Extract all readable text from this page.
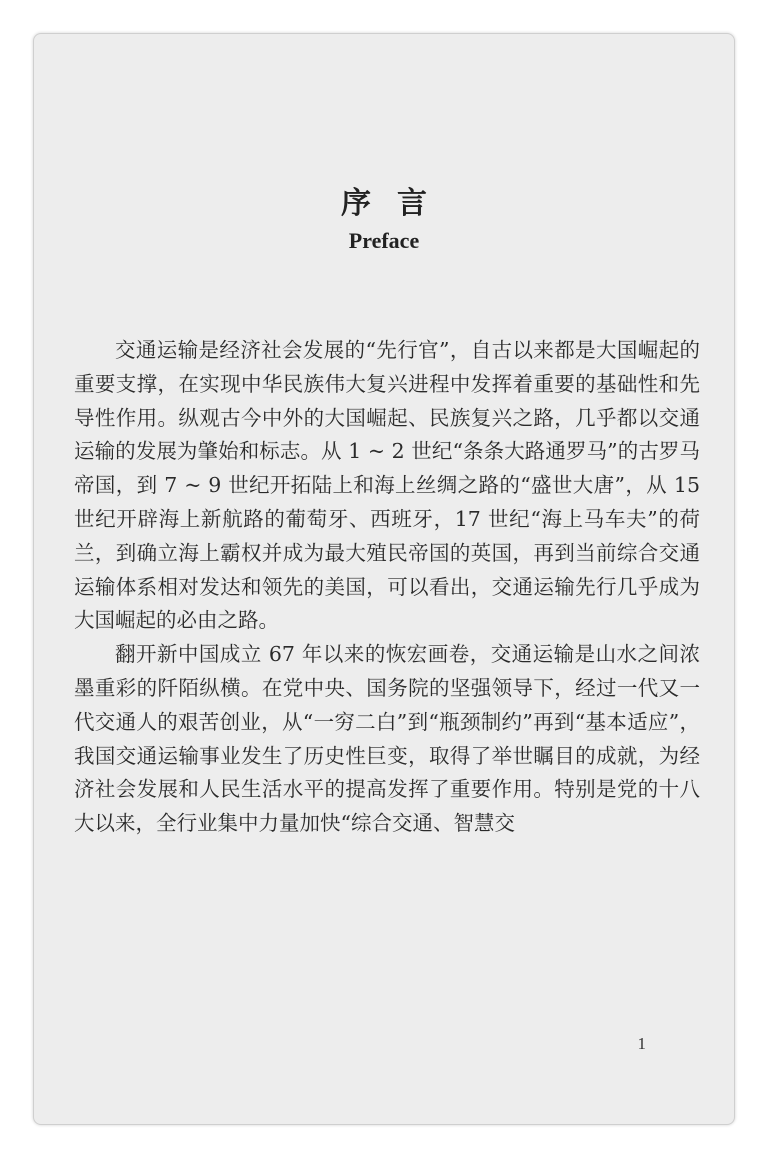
序言
Preface

交通运输是经济社会发展的“先行官”，自古以来都是大国崛起的重要支撑，在实现中华民族伟大复兴进程中发挥着重要的基础性和先导性作用。纵观古今中外的大国崛起、民族复兴之路，几乎都以交通运输的发展为肇始和标志。从 1 ~ 2 世纪“条条大路通罗马”的古罗马帝国，到 7 ~ 9 世纪开拓陆上和海上丝绸之路的“盛世大唐”，从 15 世纪开辟海上新航路的葡萄牙、西班牙，17 世纪“海上马车夫”的荷兰，到确立海上霸权并成为最大殖民帝国的英国，再到当前综合交通运输体系相对发达和领先的美国，可以看出，交通运输先行几乎成为大国崛起的必由之路。

翻开新中国成立 67 年以来的恢宏画卷，交通运输是山水之间浓墨重彩的阡陌纵横。在党中央、国务院的坚强领导下，经过一代又一代交通人的艰苦创业，从“一穷二白”到“瓶颈制约”再到“基本适应”，我国交通运输事业发生了历史性巨变，取得了举世瞩目的成就，为经济社会发展和人民生活水平的提高发挥了重要作用。特别是党的十八大以来，全行业集中力量加快“综合交通、智慧交

1
